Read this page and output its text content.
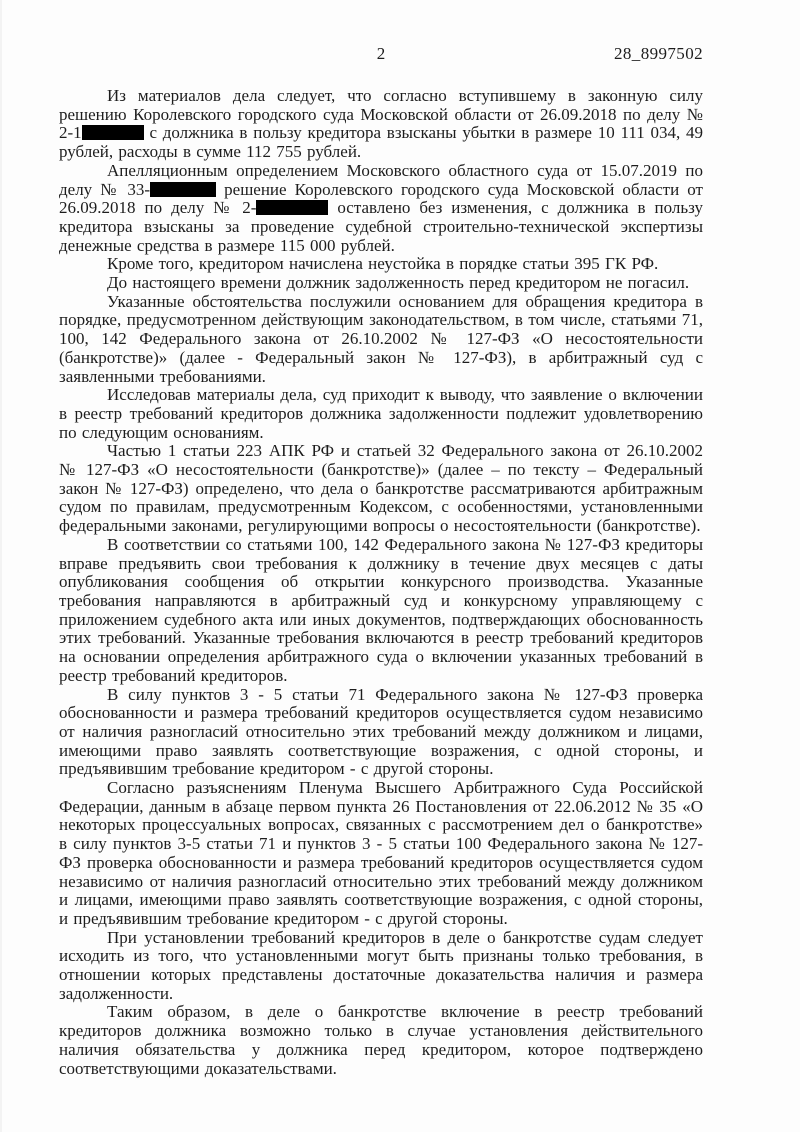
2	28_8997502

Из материалов дела следует, что согласно вступившему в законную силу решению Королевского городского суда Московской области от 26.09.2018 по делу № 2-1	с должника в пользу кредитора взысканы убытки в размере 10 111 034, 49 рублей, расходы в сумме 112 755 рублей.

Апелляционным определением Московского областного суда от 15.07.2019 по делу № 33-	решение Королевского городского суда Московской области от 26.09.2018 по делу № 2-	оставлено без изменения, с должника в пользу кредитора взысканы за проведение судебной строительно-технической экспертизы денежные средства в размере 115 000 рублей.

Кроме того, кредитором начислена неустойка в порядке статьи 395 ГК РФ.

До настоящего времени должник задолженность перед кредитором не погасил.

Указанные обстоятельства послужили основанием для обращения кредитора в порядке, предусмотренном действующим законодательством, в том числе, статьями 71, 100, 142 Федерального закона от 26.10.2002 № 127-ФЗ «О несостоятельности (банкротстве)» (далее - Федеральный закон № 127-ФЗ), в арбитражный суд с заявленными требованиями.

Исследовав материалы дела, суд приходит к выводу, что заявление о включении в реестр требований кредиторов должника задолженности подлежит удовлетворению по следующим основаниям.

Частью 1 статьи 223 АПК РФ и статьей 32 Федерального закона от 26.10.2002 № 127-ФЗ «О несостоятельности (банкротстве)» (далее – по тексту – Федеральный закон № 127-ФЗ) определено, что дела о банкротстве рассматриваются арбитражным судом по правилам, предусмотренным Кодексом, с особенностями, установленными федеральными законами, регулирующими вопросы о несостоятельности (банкротстве).

В соответствии со статьями 100, 142 Федерального закона № 127-ФЗ кредиторы вправе предъявить свои требования к должнику в течение двух месяцев с даты опубликования сообщения об открытии конкурсного производства. Указанные требования направляются в арбитражный суд и конкурсному управляющему с приложением судебного акта или иных документов, подтверждающих обоснованность этих требований. Указанные требования включаются в реестр требований кредиторов на основании определения арбитражного суда о включении указанных требований в реестр требований кредиторов.

В силу пунктов 3 - 5 статьи 71 Федерального закона № 127-ФЗ проверка обоснованности и размера требований кредиторов осуществляется судом независимо от наличия разногласий относительно этих требований между должником и лицами, имеющими право заявлять соответствующие возражения, с одной стороны, и предъявившим требование кредитором - с другой стороны.

Согласно разъяснениям Пленума Высшего Арбитражного Суда Российской Федерации, данным в абзаце первом пункта 26 Постановления от 22.06.2012 № 35 «О некоторых процессуальных вопросах, связанных с рассмотрением дел о банкротстве» в силу пунктов 3-5 статьи 71 и пунктов 3 - 5 статьи 100 Федерального закона № 127-ФЗ проверка обоснованности и размера требований кредиторов осуществляется судом независимо от наличия разногласий относительно этих требований между должником и лицами, имеющими право заявлять соответствующие возражения, с одной стороны, и предъявившим требование кредитором - с другой стороны.

При установлении требований кредиторов в деле о банкротстве судам следует исходить из того, что установленными могут быть признаны только требования, в отношении которых представлены достаточные доказательства наличия и размера задолженности.

Таким образом, в деле о банкротстве включение в реестр требований кредиторов должника возможно только в случае установления действительного наличия обязательства у должника перед кредитором, которое подтверждено соответствующими доказательствами.
